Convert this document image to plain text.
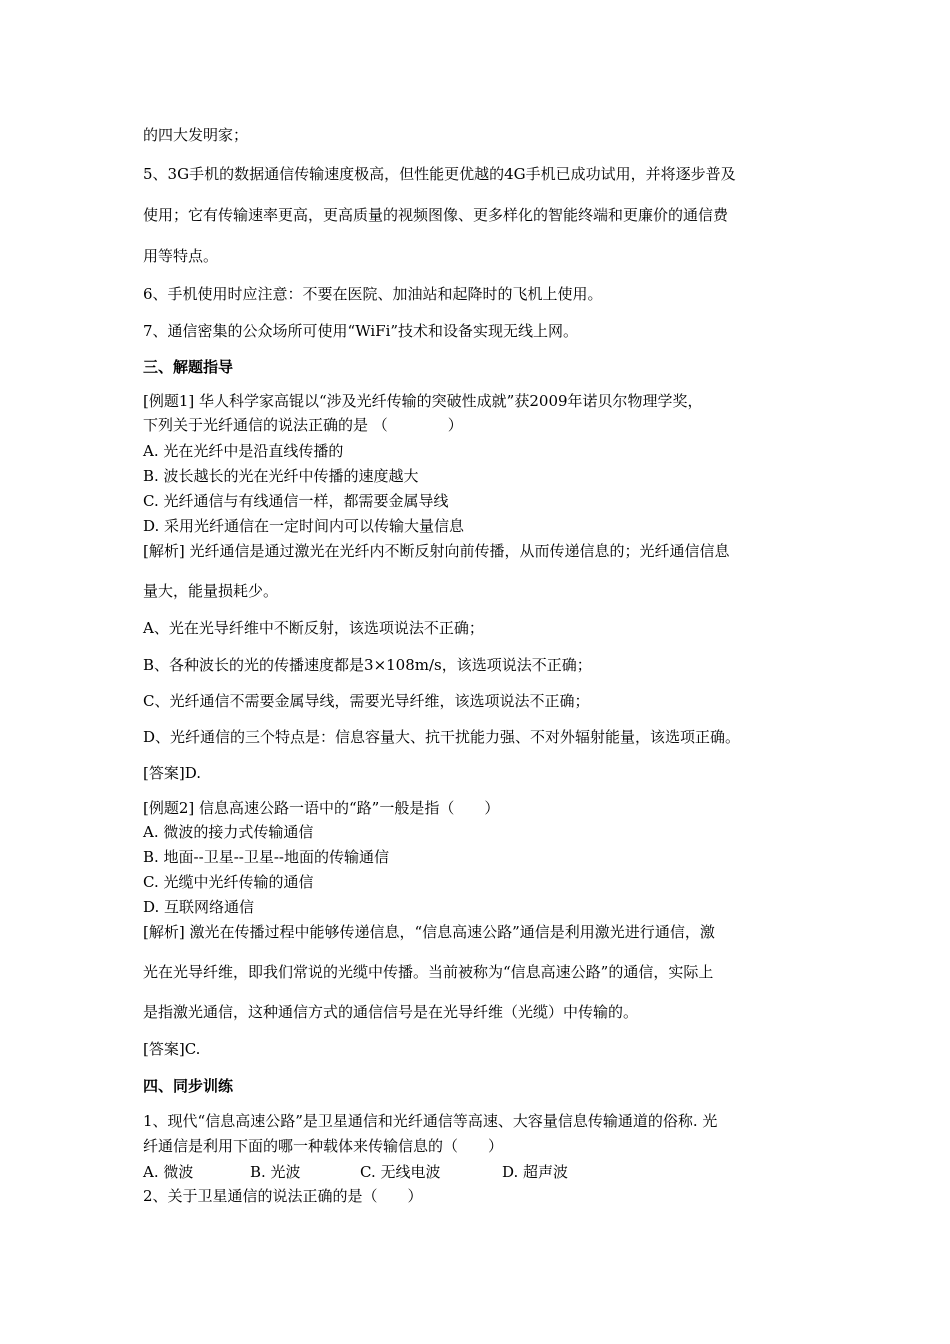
的四大发明家；
5、3G手机的数据通信传输速度极高，但性能更优越的4G手机已成功试用，并将逐步普及
使用；它有传输速率更高，更高质量的视频图像、更多样化的智能终端和更廉价的通信费
用等特点。
6、手机使用时应注意：不要在医院、加油站和起降时的飞机上使用。
7、通信密集的公众场所可使用“WiFi”技术和设备实现无线上网。
三、解题指导
[例题1] 华人科学家高锟以“涉及光纤传输的突破性成就”获2009年诺贝尔物理学奖，
下列关于光纤通信的说法正确的是 （　　　　）
A. 光在光纤中是沿直线传播的
B. 波长越长的光在光纤中传播的速度越大
C. 光纤通信与有线通信一样，都需要金属导线
D. 采用光纤通信在一定时间内可以传输大量信息
[解析] 光纤通信是通过激光在光纤内不断反射向前传播，从而传递信息的；光纤通信信息
量大，能量损耗少。
A、光在光导纤维中不断反射，该选项说法不正确；
B、各种波长的光的传播速度都是3×108m/s，该选项说法不正确；
C、光纤通信不需要金属导线，需要光导纤维，该选项说法不正确；
D、光纤通信的三个特点是：信息容量大、抗干扰能力强、不对外辐射能量，该选项正确。
[答案]D.
[例题2] 信息高速公路一语中的“路”一般是指（　　）
A. 微波的接力式传输通信
B. 地面--卫星--卫星--地面的传输通信
C. 光缆中光纤传输的通信
D. 互联网络通信
[解析] 激光在传播过程中能够传递信息，“信息高速公路”通信是利用激光进行通信，激
光在光导纤维，即我们常说的光缆中传播。当前被称为“信息高速公路”的通信，实际上
是指激光通信，这种通信方式的通信信号是在光导纤维（光缆）中传输的。
[答案]C.
四、同步训练
1、现代“信息高速公路”是卫星通信和光纤通信等高速、大容量信息传输通道的俗称. 光
纤通信是利用下面的哪一种载体来传输信息的（　　）
A. 微波	B. 光波	C. 无线电波	D. 超声波
2、关于卫星通信的说法正确的是（　　）
